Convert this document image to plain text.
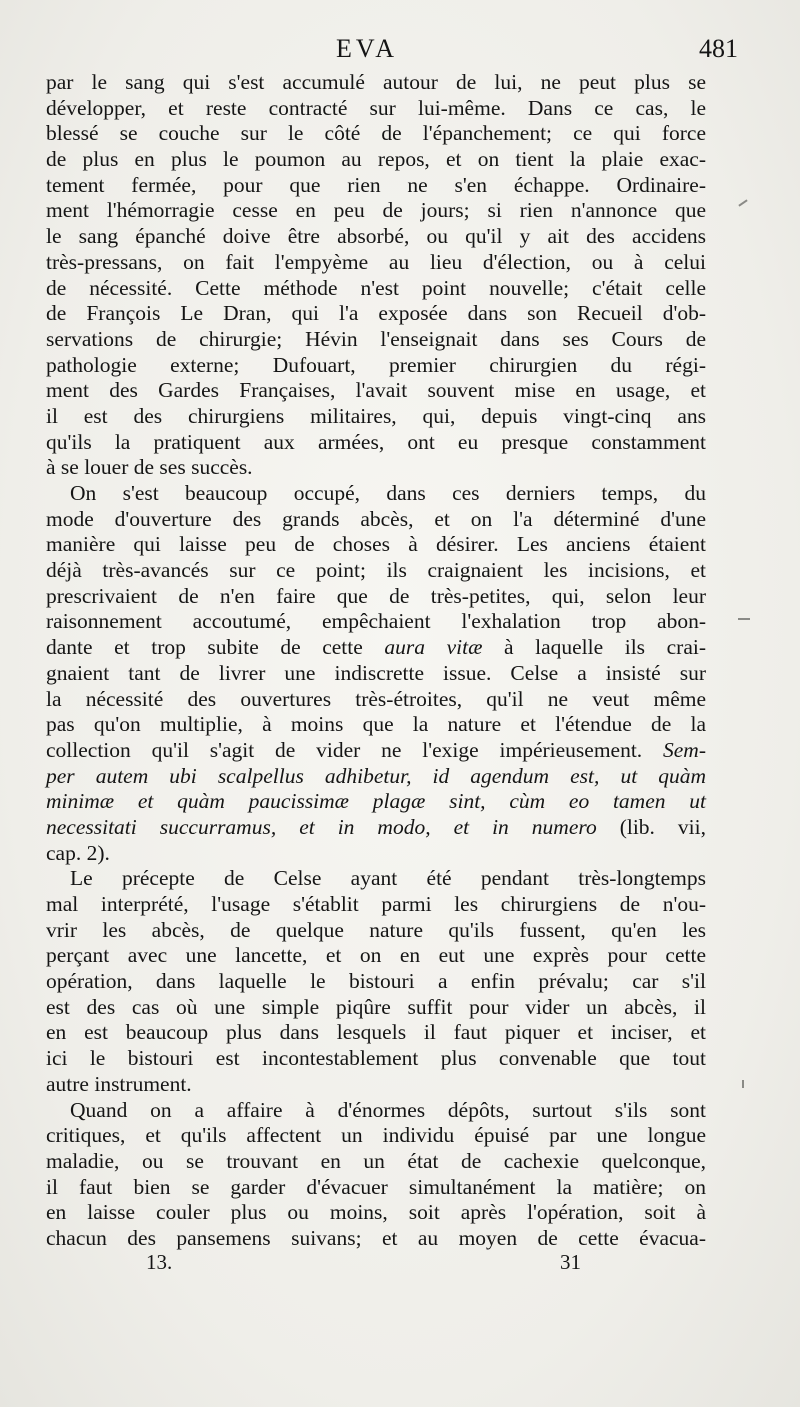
EVA	481
par le sang qui s'est accumulé autour de lui, ne peut plus se
développer, et reste contracté sur lui-même. Dans ce cas, le
blessé se couche sur le côté de l'épanchement; ce qui force
de plus en plus le poumon au repos, et on tient la plaie exac-
tement fermée, pour que rien ne s'en échappe. Ordinaire-
ment l'hémorragie cesse en peu de jours; si rien n'annonce que
le sang épanché doive être absorbé, ou qu'il y ait des accidens
très-pressans, on fait l'empyème au lieu d'élection, ou à celui
de nécessité. Cette méthode n'est point nouvelle; c'était celle
de François Le Dran, qui l'a exposée dans son Recueil d'ob-
servations de chirurgie; Hévin l'enseignait dans ses Cours de
pathologie externe; Dufouart, premier chirurgien du régi-
ment des Gardes Françaises, l'avait souvent mise en usage, et
il est des chirurgiens militaires, qui, depuis vingt-cinq ans
qu'ils la pratiquent aux armées, ont eu presque constamment
à se louer de ses succès.
On s'est beaucoup occupé, dans ces derniers temps, du
mode d'ouverture des grands abcès, et on l'a déterminé d'une
manière qui laisse peu de choses à désirer. Les anciens étaient
déjà très-avancés sur ce point; ils craignaient les incisions, et
prescrivaient de n'en faire que de très-petites, qui, selon leur
raisonnement accoutumé, empêchaient l'exhalation trop abon-
dante et trop subite de cette aura vitæ à laquelle ils crai-
gnaient tant de livrer une indiscrette issue. Celse a insisté sur
la nécessité des ouvertures très-étroites, qu'il ne veut même
pas qu'on multiplie, à moins que la nature et l'étendue de la
collection qu'il s'agit de vider ne l'exige impérieusement. Sem-
per autem ubi scalpellus adhibetur, id agendum est, ut quàm
minimæ et quàm paucissimæ plagæ sint, cùm eo tamen ut
necessitati succurramus, et in modo, et in numero (lib. vii,
cap. 2).
Le précepte de Celse ayant été pendant très-longtemps
mal interprété, l'usage s'établit parmi les chirurgiens de n'ou-
vrir les abcès, de quelque nature qu'ils fussent, qu'en les
perçant avec une lancette, et on en eut une exprès pour cette
opération, dans laquelle le bistouri a enfin prévalu; car s'il
est des cas où une simple piqûre suffit pour vider un abcès, il
en est beaucoup plus dans lesquels il faut piquer et inciser, et
ici le bistouri est incontestablement plus convenable que tout
autre instrument.
Quand on a affaire à d'énormes dépôts, surtout s'ils sont
critiques, et qu'ils affectent un individu épuisé par une longue
maladie, ou se trouvant en un état de cachexie quelconque,
il faut bien se garder d'évacuer simultanément la matière; on
en laisse couler plus ou moins, soit après l'opération, soit à
chacun des pansemens suivans; et au moyen de cette évacua-
13.	31
